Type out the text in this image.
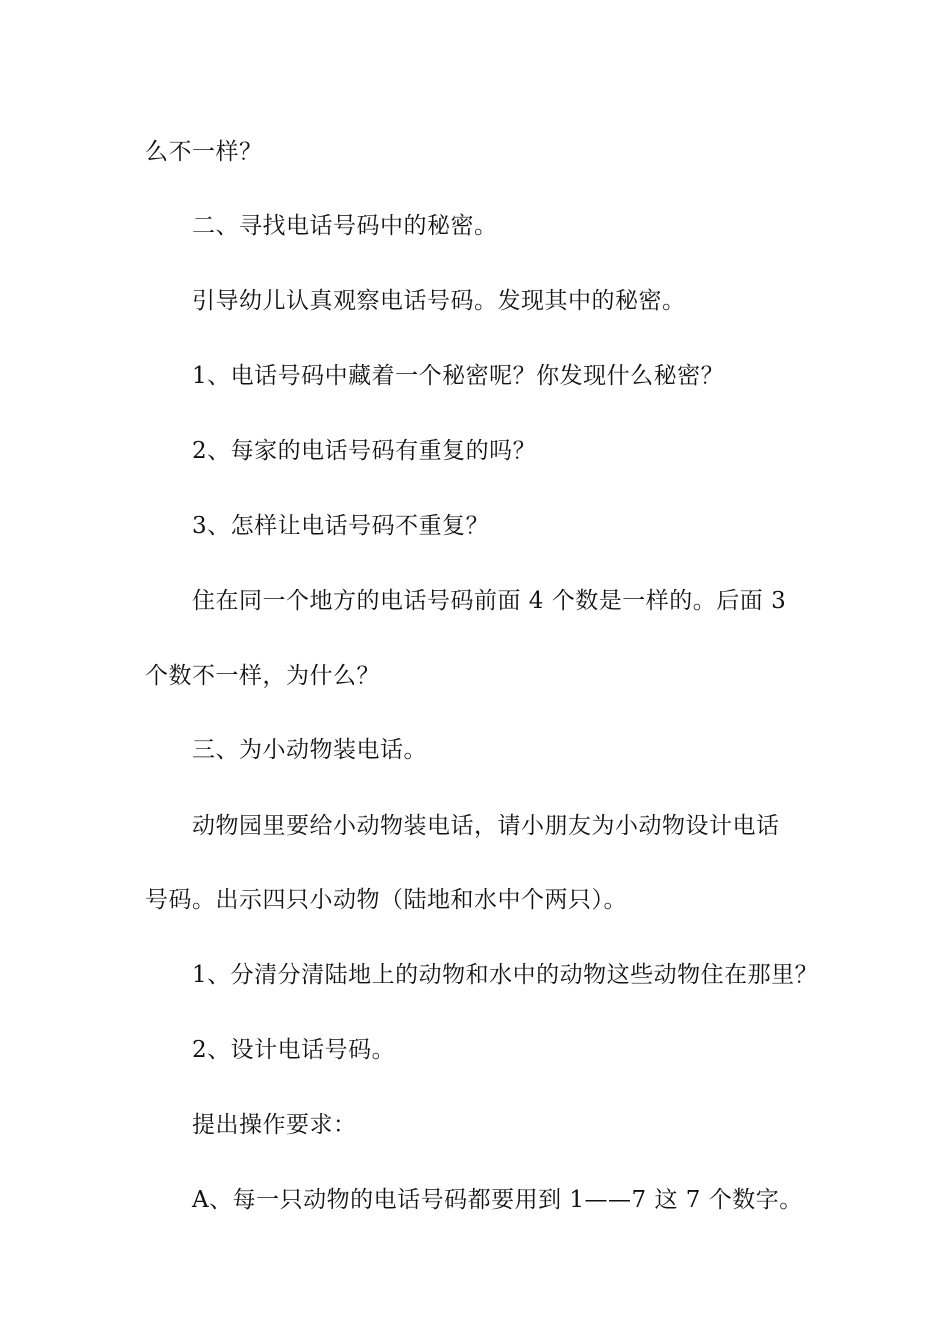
么不一样？
二、寻找电话号码中的秘密。
引导幼儿认真观察电话号码。发现其中的秘密。
1、电话号码中藏着一个秘密呢？你发现什么秘密？
2、每家的电话号码有重复的吗？
3、怎样让电话号码不重复？
住在同一个地方的电话号码前面 4 个数是一样的。后面 3
个数不一样，为什么？
三、为小动物装电话。
动物园里要给小动物装电话，请小朋友为小动物设计电话
号码。出示四只小动物（陆地和水中个两只）。
1、分清分清陆地上的动物和水中的动物这些动物住在那里？
2、设计电话号码。
提出操作要求：
A、每一只动物的电话号码都要用到 1——7 这 7 个数字。
